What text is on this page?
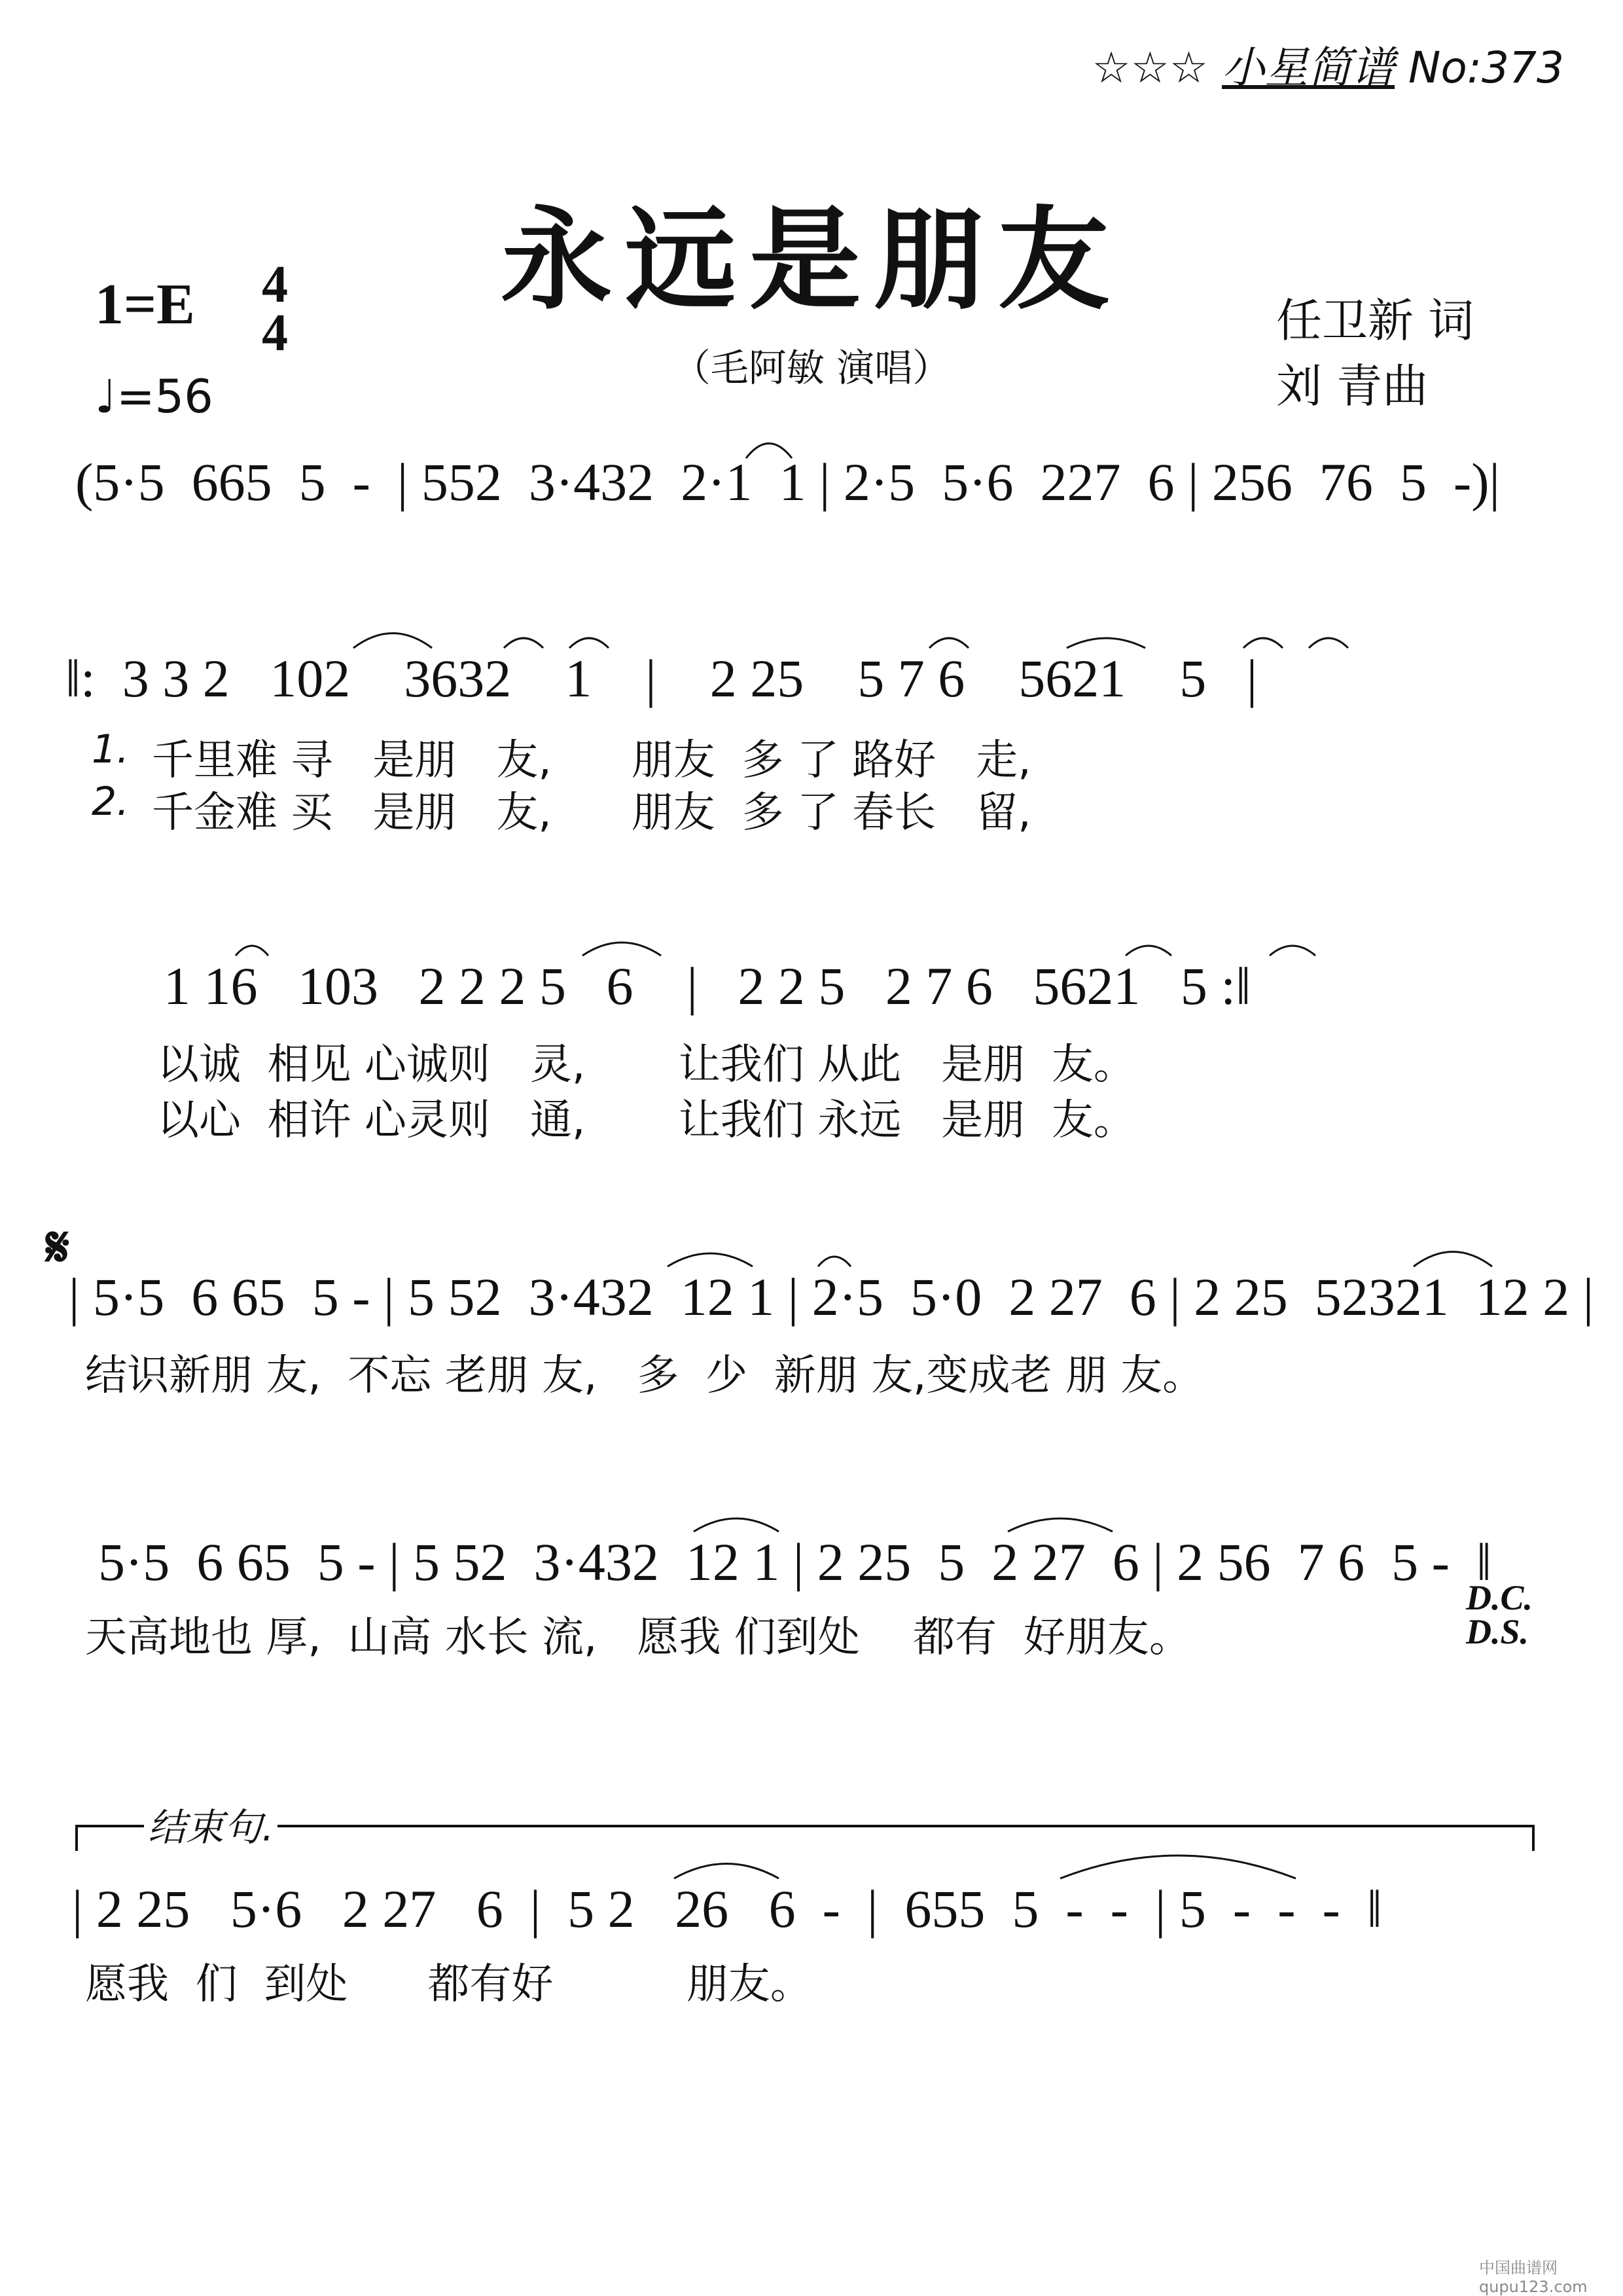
☆☆☆ 小星简谱 No:373
永远是朋友
（毛阿敏 演唱）
1=E 4
4
♩=56
任卫新 词
刘 青曲
(5·5  665  5  -  | 552  3·432  2·1  1 | 2·5  5·6  227  6 | 256  76  5  -)|
‖:  3 3 2   102    3632    1    |    2 25    5 7 6    5621    5   |
1. 千里难 寻   是朋   友,      朋友  多 了 路好   走,
2. 千金难 买   是朋   友,      朋友  多 了 春长   留,
1 16   103   2 2 2 5   6    |   2 2 5   2 7 6   5621   5 :‖
以诚  相见 心诚则   灵,       让我们 从此   是朋  友。
以心  相许 心灵则   通,       让我们 永远   是朋  友。
𝄋
| 5·5  6 65  5 - | 5 52  3·432  12 1 | 2·5  5·0  2 27  6 | 2 25  52321  12 2 |
结识新朋 友,  不忘 老朋 友,   多  少  新朋 友,变成老 朋 友。
5·5  6 65  5 - | 5 52  3·432  12 1 | 2 25  5  2 27  6 | 2 56  7 6  5 -  ‖
天高地也 厚,  山高 水长 流,   愿我 们到处    都有  好朋友。
D.C.
D.S.
结束句.
| 2 25   5·6   2 27   6  |  5 2   26   6  -  |  655  5  -  -  | 5  -  -  -  ‖
愿我  们  到处      都有好          朋友。
中国曲谱网 qupu123.com
